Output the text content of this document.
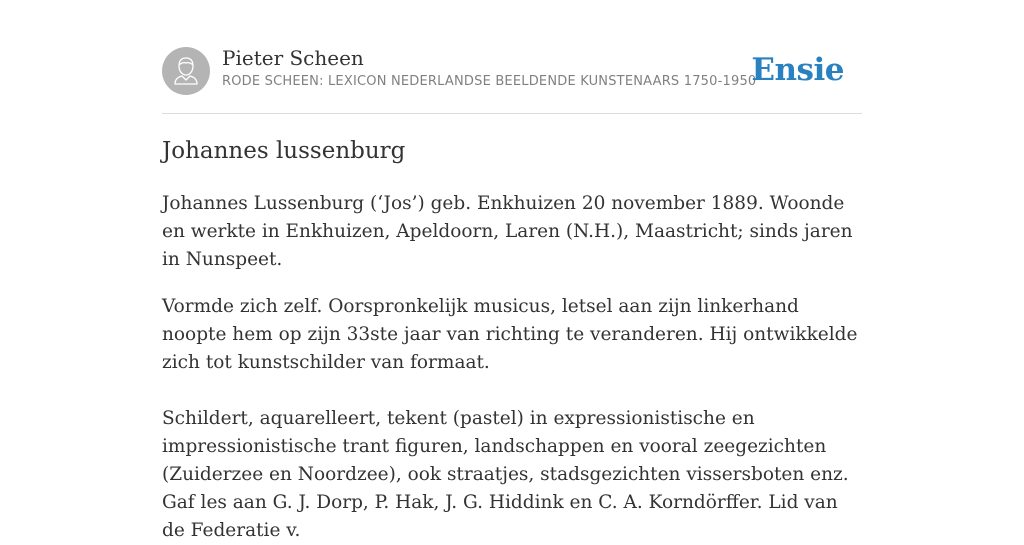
Pieter Scheen
RODE SCHEEN: LEXICON NEDERLANDSE BEELDENDE KUNSTENAARS 1750-1950
Ensie
Johannes lussenburg

Johannes Lussenburg (‘Jos’) geb. Enkhuizen 20 november 1889. Woonde en werkte in Enkhuizen, Apeldoorn, Laren (N.H.), Maastricht; sinds jaren in Nunspeet.

Vormde zich zelf. Oorspronkelijk musicus, letsel aan zijn linkerhand noopte hem op zijn 33ste jaar van richting te veranderen. Hij ontwikkelde zich tot kunstschilder van formaat.

Schildert, aquarelleert, tekent (pastel) in expressionistische en impressionistische trant figuren, landschappen en vooral zeegezichten (Zuiderzee en Noordzee), ook straatjes, stadsgezichten vissersboten enz. Gaf les aan G. J. Dorp, P. Hak, J. G. Hiddink en C. A. Korndörffer. Lid van de Federatie v.
